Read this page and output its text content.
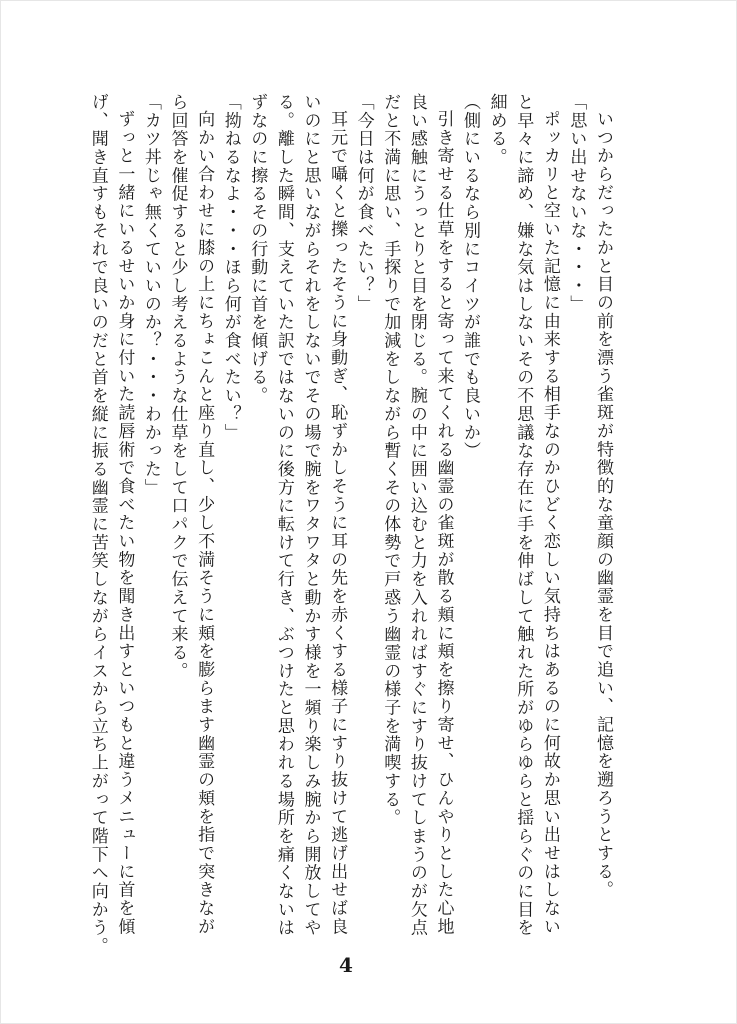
いつからだったかと目の前を漂う雀斑が特徴的な童顔の幽霊を目で追い、記憶を遡ろうとする。
「思い出せないな・・・」
ポッカリと空いた記憶に由来する相手なのかひどく恋しい気持ちはあるのに何故か思い出せはしない
と早々に諦め、嫌な気はしないその不思議な存在に手を伸ばして触れた所がゆらゆらと揺らぐのに目を
細める。
（側にいるなら別にコイツが誰でも良いか）
引き寄せる仕草をすると寄って来てくれる幽霊の雀斑が散る頬に頬を擦り寄せ、ひんやりとした心地
良い感触にうっとりと目を閉じる。腕の中に囲い込むと力を入れればすぐにすり抜けてしまうのが欠点
だと不満に思い、手探りで加減をしながら暫くその体勢で戸惑う幽霊の様子を満喫する。
「今日は何が食べたい？」
耳元で囁くと擽ったそうに身動ぎ、恥ずかしそうに耳の先を赤くする様子にすり抜けて逃げ出せば良
いのにと思いながらそれをしないでその場で腕をワタワタと動かす様を一頻り楽しみ腕から開放してや
る。離した瞬間、支えていた訳ではないのに後方に転けて行き、ぶつけたと思われる場所を痛くないは
ずなのに擦るその行動に首を傾げる。
「拗ねるなよ・・・ほら何が食べたい？」
向かい合わせに膝の上にちょこんと座り直し、少し不満そうに頬を膨らます幽霊の頬を指で突きなが
ら回答を催促すると少し考えるような仕草をして口パクで伝えて来る。
「カツ丼じゃ無くていいのか？・・・わかった」
ずっと一緒にいるせいか身に付いた読唇術で食べたい物を聞き出すといつもと違うメニューに首を傾
げ、聞き直すもそれで良いのだと首を縦に振る幽霊に苦笑しながらイスから立ち上がって階下へ向かう。
4
